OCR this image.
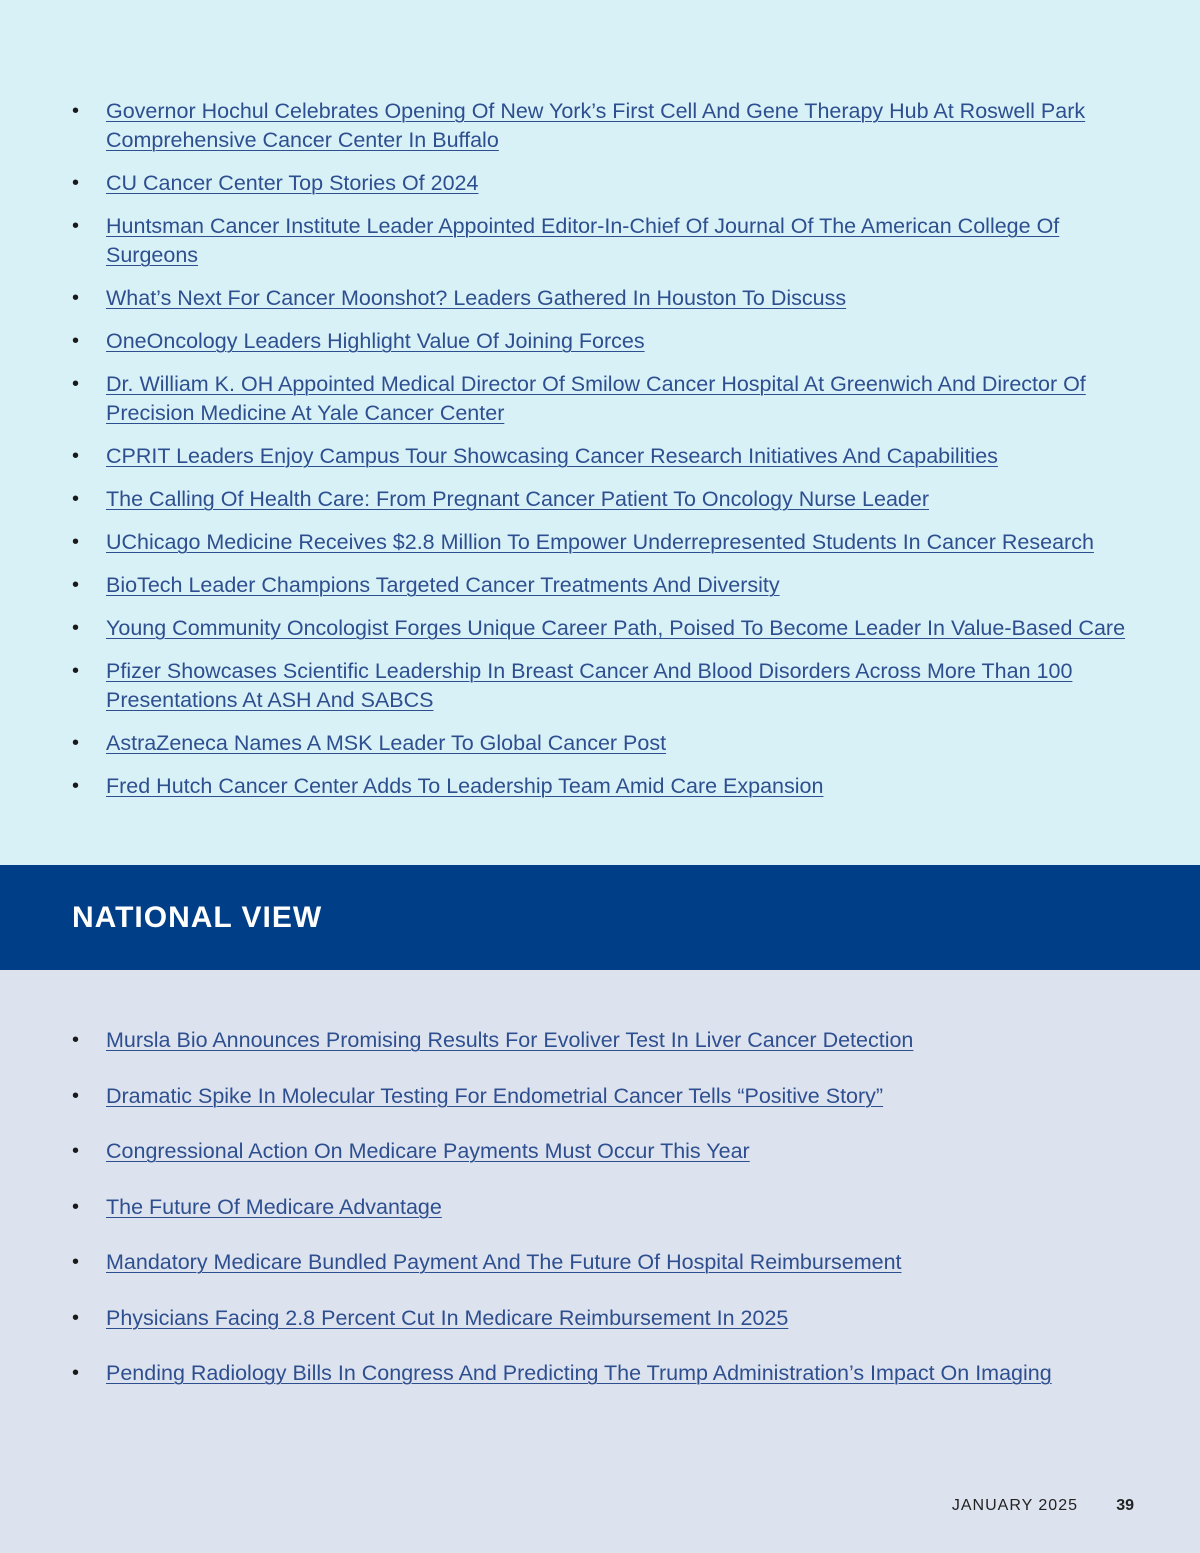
• Governor Hochul Celebrates Opening Of New York’s First Cell And Gene Therapy Hub At Roswell Park Comprehensive Cancer Center In Buffalo
• CU Cancer Center Top Stories Of 2024
• Huntsman Cancer Institute Leader Appointed Editor-In-Chief Of Journal Of The American College Of Surgeons
• What’s Next For Cancer Moonshot? Leaders Gathered In Houston To Discuss
• OneOncology Leaders Highlight Value Of Joining Forces
• Dr. William K. OH Appointed Medical Director Of Smilow Cancer Hospital At Greenwich And Director Of Precision Medicine At Yale Cancer Center
• CPRIT Leaders Enjoy Campus Tour Showcasing Cancer Research Initiatives And Capabilities
• The Calling Of Health Care: From Pregnant Cancer Patient To Oncology Nurse Leader
• UChicago Medicine Receives $2.8 Million To Empower Underrepresented Students In Cancer Research
• BioTech Leader Champions Targeted Cancer Treatments And Diversity
• Young Community Oncologist Forges Unique Career Path, Poised To Become Leader In Value-Based Care
• Pfizer Showcases Scientific Leadership In Breast Cancer And Blood Disorders Across More Than 100 Presentations At ASH And SABCS
• AstraZeneca Names A MSK Leader To Global Cancer Post
• Fred Hutch Cancer Center Adds To Leadership Team Amid Care Expansion
NATIONAL VIEW
• Mursla Bio Announces Promising Results For Evoliver Test In Liver Cancer Detection
• Dramatic Spike In Molecular Testing For Endometrial Cancer Tells “Positive Story”
• Congressional Action On Medicare Payments Must Occur This Year
• The Future Of Medicare Advantage
• Mandatory Medicare Bundled Payment And The Future Of Hospital Reimbursement
• Physicians Facing 2.8 Percent Cut In Medicare Reimbursement In 2025
• Pending Radiology Bills In Congress And Predicting The Trump Administration’s Impact On Imaging
JANUARY 2025 39
